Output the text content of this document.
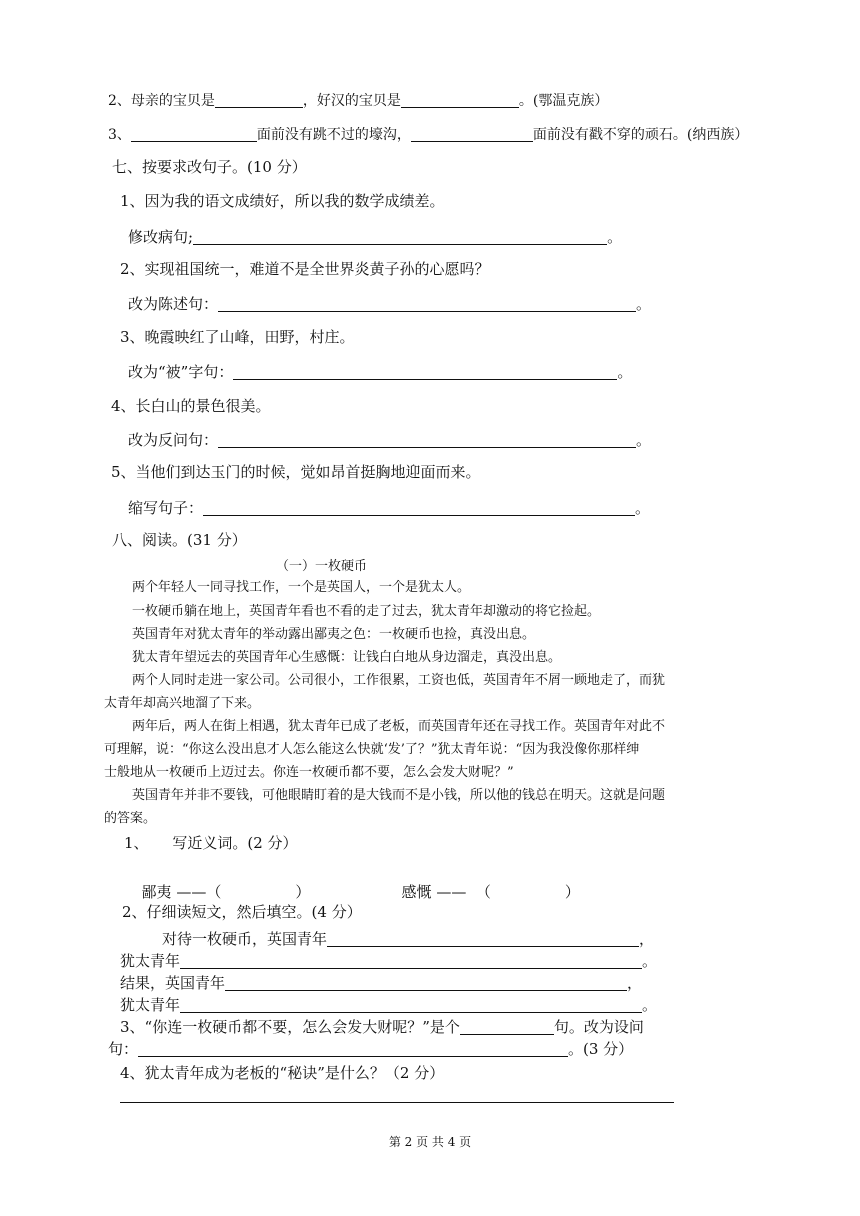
2、母亲的宝贝是	，好汉的宝贝是	。(鄂温克族）
3、	面前没有跳不过的壕沟，	面前没有戳不穿的顽石。(纳西族）
七、按要求改句子。(10 分）
1、因为我的语文成绩好，所以我的数学成绩差。
修改病句;	。
2、实现祖国统一，难道不是全世界炎黄子孙的心愿吗？
改为陈述句：	。
3、晚霞映红了山峰，田野，村庄。
改为“被”字句：	。
4、长白山的景色很美。
改为反问句：	。
5、当他们到达玉门的时候，觉如昂首挺胸地迎面而来。
缩写句子：	。
八、阅读。(31 分）
（一）一枚硬币
两个年轻人一同寻找工作，一个是英国人，一个是犹太人。
一枚硬币躺在地上，英国青年看也不看的走了过去，犹太青年却激动的将它捡起。
英国青年对犹太青年的举动露出鄙夷之色：一枚硬币也捡，真没出息。
犹太青年望远去的英国青年心生感慨：让钱白白地从身边溜走，真没出息。
两个人同时走进一家公司。公司很小，工作很累，工资也低，英国青年不屑一顾地走了，而犹
太青年却高兴地溜了下来。
两年后，两人在街上相遇，犹太青年已成了老板，而英国青年还在寻找工作。英国青年对此不
可理解，说：“你这么没出息才人怎么能这么快就‘发’了？”犹太青年说：“因为我没像你那样绅
士般地从一枚硬币上迈过去。你连一枚硬币都不要，怎么会发大财呢？”
英国青年并非不要钱，可他眼睛盯着的是大钱而不是小钱，所以他的钱总在明天。这就是问题
的答案。
1、     写近义词。(2 分）

鄙夷 ——（	）	感慨 ——  （	）

2、仔细读短文，然后填空。(4 分）
对待一枚硬币，英国青年	，
犹太青年	。
结果，英国青年	，
犹太青年	。
3、“你连一枚硬币都不要，怎么会发大财呢？”是个	句。改为设问
句：	。(3 分）
4、犹太青年成为老板的“秘诀”是什么？（2 分）
第 2 页 共 4 页
